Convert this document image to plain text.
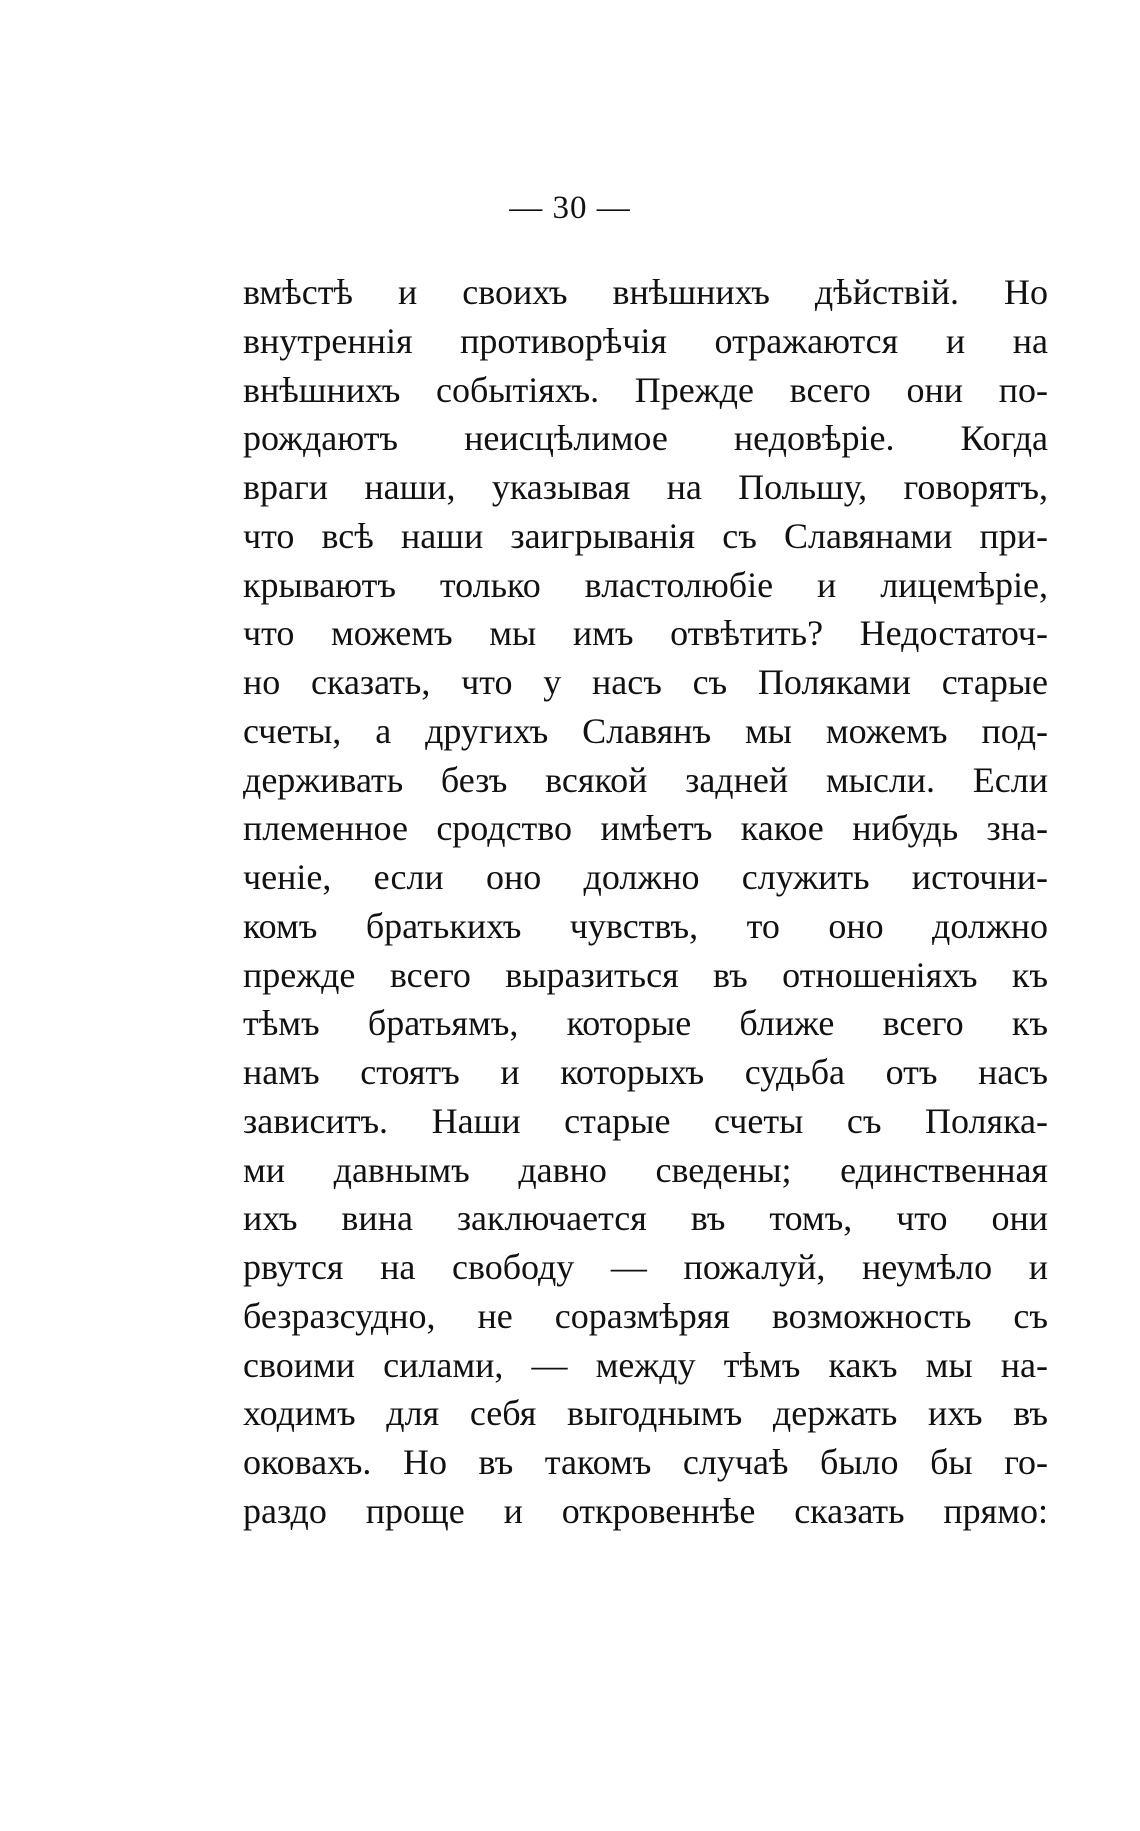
— 30 —
вмѣстѣ и своихъ внѣшнихъ дѣйствій. Но
внутреннія противорѣчія отражаются и на
внѣшнихъ событіяхъ. Прежде всего они по-
рождаютъ неисцѣлимое недовѣріе. Когда
враги наши, указывая на Польшу, говорятъ,
что всѣ наши заигрыванія съ Славянами при-
крываютъ только властолюбіе и лицемѣріе,
что можемъ мы имъ отвѣтить? Недостаточ-
но сказать, что у насъ съ Поляками старые
счеты, а другихъ Славянъ мы можемъ под-
держивать безъ всякой задней мысли. Если
племенное сродство имѣетъ какое нибудь зна-
ченіе, если оно должно служить источни-
комъ братькихъ чувствъ, то оно должно
прежде всего выразиться въ отношеніяхъ къ
тѣмъ братьямъ, которые ближе всего къ
намъ стоятъ и которыхъ судьба отъ насъ
зависитъ. Наши старые счеты съ Поляка-
ми давнымъ давно сведены; единственная
ихъ вина заключается въ томъ, что они
рвутся на свободу — пожалуй, неумѣло и
безразсудно, не соразмѣряя возможность съ
своими силами, — между тѣмъ какъ мы на-
ходимъ для себя выгоднымъ держать ихъ въ
оковахъ. Но въ такомъ случаѣ было бы го-
раздо проще и откровеннѣе сказать прямо:
